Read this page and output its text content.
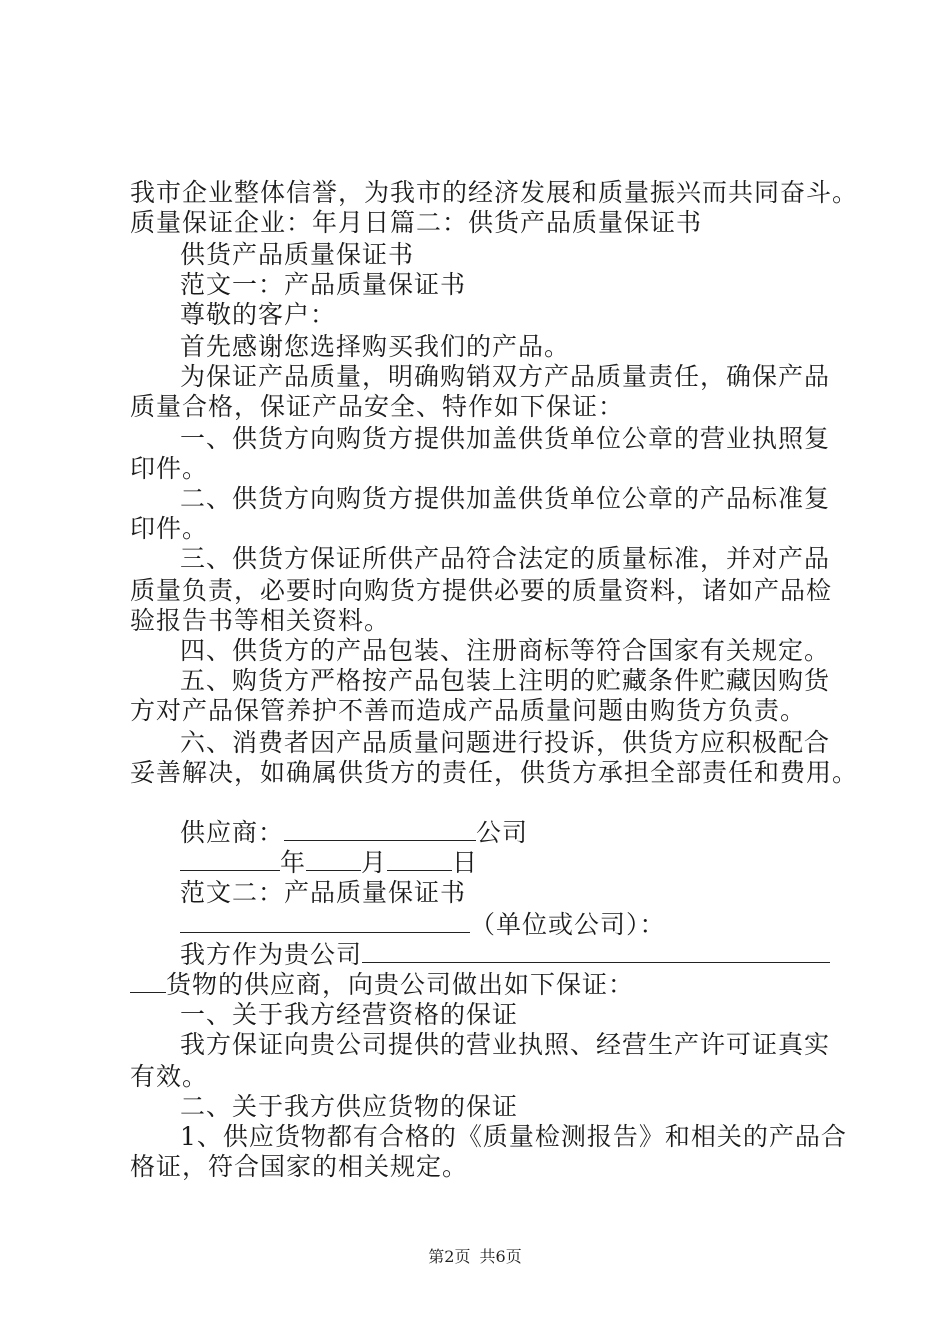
我市企业整体信誉，为我市的经济发展和质量振兴而共同奋斗。
质量保证企业：年月日篇二：供货产品质量保证书
供货产品质量保证书
范文一：产品质量保证书
尊敬的客户：
首先感谢您选择购买我们的产品。
为保证产品质量，明确购销双方产品质量责任，确保产品
质量合格，保证产品安全、特作如下保证：
一、供货方向购货方提供加盖供货单位公章的营业执照复
印件。
二、供货方向购货方提供加盖供货单位公章的产品标准复
印件。
三、供货方保证所供产品符合法定的质量标准，并对产品
质量负责，必要时向购货方提供必要的质量资料，诸如产品检
验报告书等相关资料。
四、供货方的产品包装、注册商标等符合国家有关规定。
五、购货方严格按产品包装上注明的贮藏条件贮藏因购货
方对产品保管养护不善而造成产品质量问题由购货方负责。
六、消费者因产品质量问题进行投诉，供货方应积极配合
妥善解决，如确属供货方的责任，供货方承担全部责任和费用。
供应商：	公司
年 月	日
范文二：产品质量保证书
（单位或公司）：
我方作为贵公司
货物的供应商，向贵公司做出如下保证：
一、关于我方经营资格的保证
我方保证向贵公司提供的营业执照、经营生产许可证真实
有效。
二、关于我方供应货物的保证
1、供应货物都有合格的《质量检测报告》和相关的产品合
格证，符合国家的相关规定。
第2页 共6页
